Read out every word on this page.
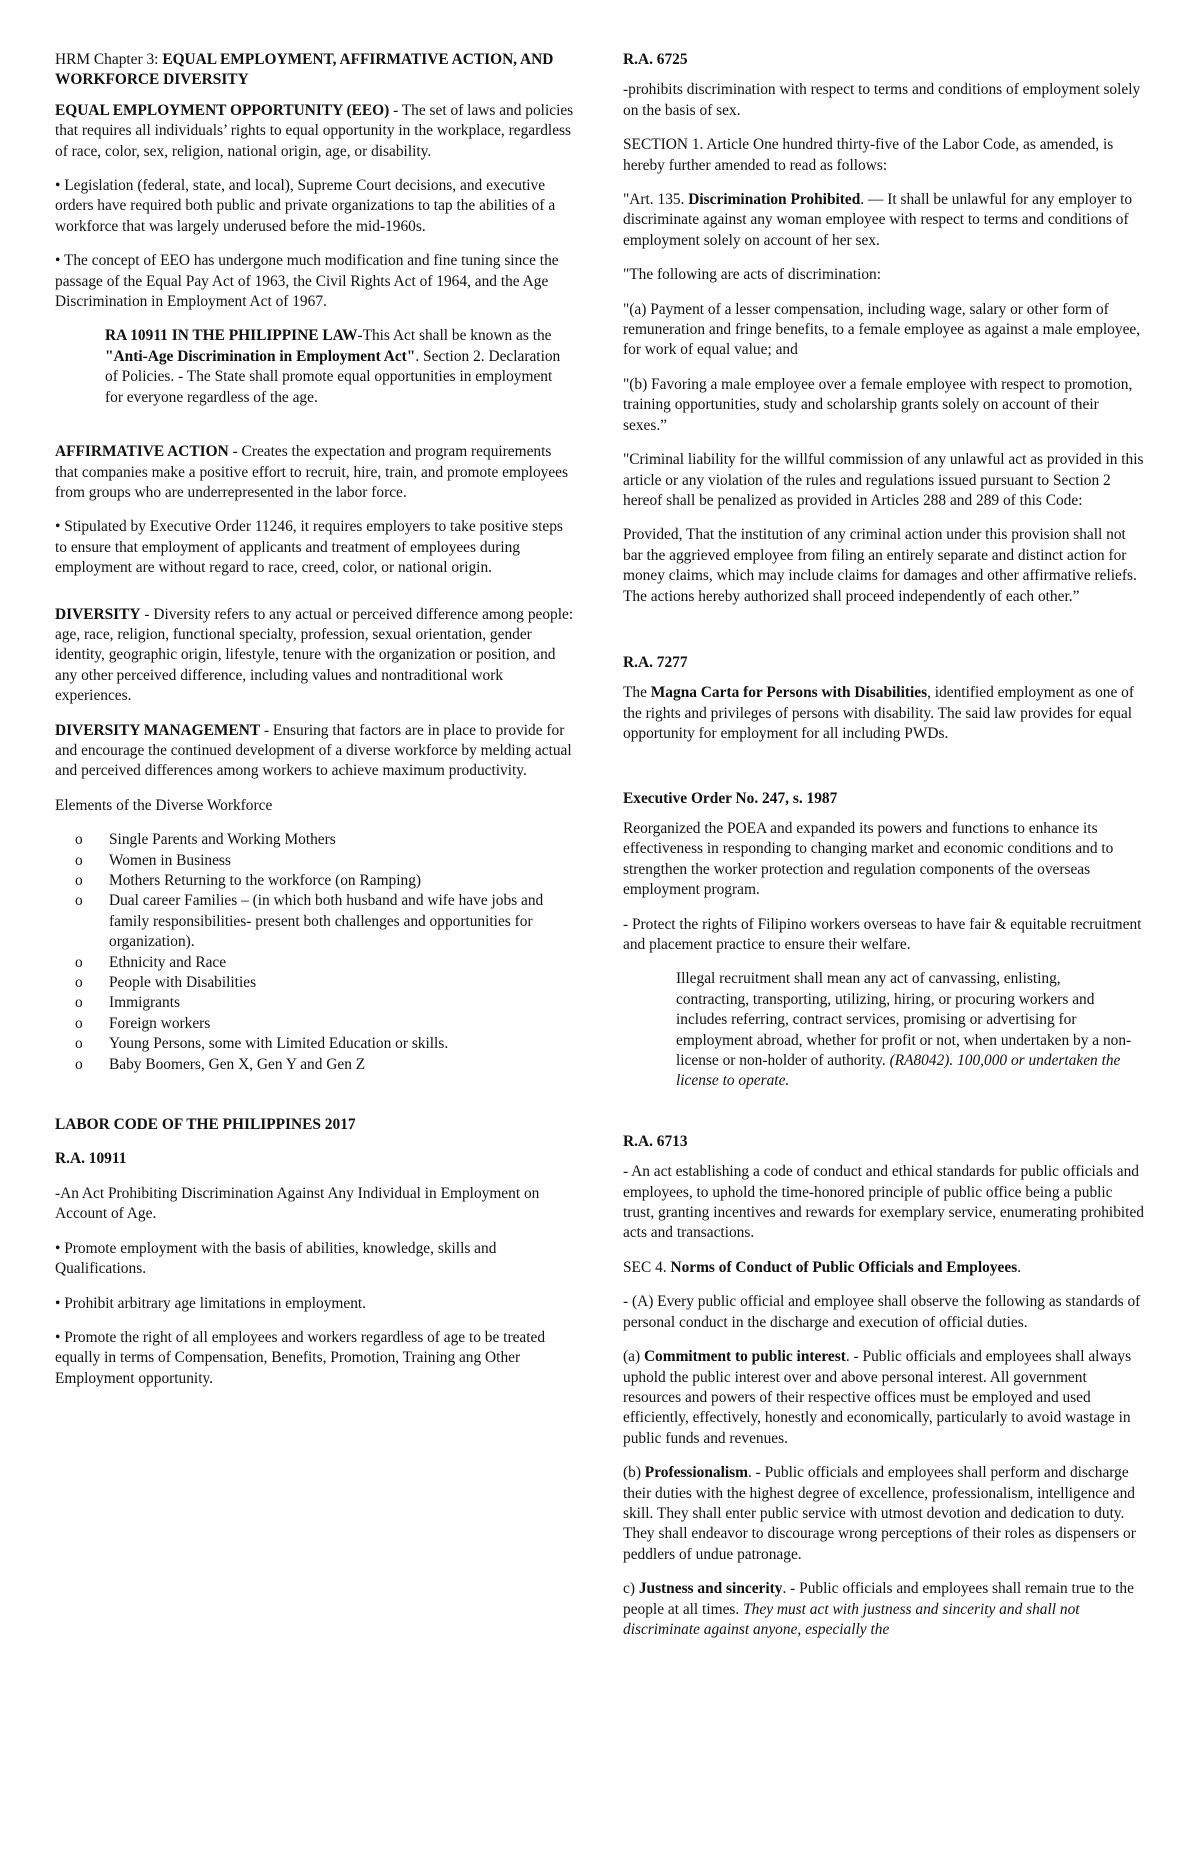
HRM Chapter 3: EQUAL EMPLOYMENT, AFFIRMATIVE ACTION, AND WORKFORCE DIVERSITY

EQUAL EMPLOYMENT OPPORTUNITY (EEO) - The set of laws and policies that requires all individuals’ rights to equal opportunity in the workplace, regardless of race, color, sex, religion, national origin, age, or disability.

• Legislation (federal, state, and local), Supreme Court decisions, and executive orders have required both public and private organizations to tap the abilities of a workforce that was largely underused before the mid-1960s.

• The concept of EEO has undergone much modification and fine tuning since the passage of the Equal Pay Act of 1963, the Civil Rights Act of 1964, and the Age Discrimination in Employment Act of 1967.

RA 10911 IN THE PHILIPPINE LAW-This Act shall be known as the "Anti-Age Discrimination in Employment Act". Section 2. Declaration of Policies. - The State shall promote equal opportunities in employment for everyone regardless of the age.

AFFIRMATIVE ACTION - Creates the expectation and program requirements that companies make a positive effort to recruit, hire, train, and promote employees from groups who are underrepresented in the labor force.

• Stipulated by Executive Order 11246, it requires employers to take positive steps to ensure that employment of applicants and treatment of employees during employment are without regard to race, creed, color, or national origin.

DIVERSITY - Diversity refers to any actual or perceived difference among people: age, race, religion, functional specialty, profession, sexual orientation, gender identity, geographic origin, lifestyle, tenure with the organization or position, and any other perceived difference, including values and nontraditional work experiences.

DIVERSITY MANAGEMENT - Ensuring that factors are in place to provide for and encourage the continued development of a diverse workforce by melding actual and perceived differences among workers to achieve maximum productivity.

Elements of the Diverse Workforce

o Single Parents and Working Mothers
o Women in Business
o Mothers Returning to the workforce (on Ramping)
o Dual career Families – (in which both husband and wife have jobs and family responsibilities- present both challenges and opportunities for organization).
o Ethnicity and Race
o People with Disabilities
o Immigrants
o Foreign workers
o Young Persons, some with Limited Education or skills.
o Baby Boomers, Gen X, Gen Y and Gen Z

LABOR CODE OF THE PHILIPPINES 2017

R.A. 10911

-An Act Prohibiting Discrimination Against Any Individual in Employment on Account of Age.

• Promote employment with the basis of abilities, knowledge, skills and Qualifications.

• Prohibit arbitrary age limitations in employment.

• Promote the right of all employees and workers regardless of age to be treated equally in terms of Compensation, Benefits, Promotion, Training ang Other Employment opportunity.

R.A. 6725

-prohibits discrimination with respect to terms and conditions of employment solely on the basis of sex.

SECTION 1. Article One hundred thirty-five of the Labor Code, as amended, is hereby further amended to read as follows:

"Art. 135. Discrimination Prohibited. — It shall be unlawful for any employer to discriminate against any woman employee with respect to terms and conditions of employment solely on account of her sex.

"The following are acts of discrimination:

"(a) Payment of a lesser compensation, including wage, salary or other form of remuneration and fringe benefits, to a female employee as against a male employee, for work of equal value; and

"(b) Favoring a male employee over a female employee with respect to promotion, training opportunities, study and scholarship grants solely on account of their sexes.”

"Criminal liability for the willful commission of any unlawful act as provided in this article or any violation of the rules and regulations issued pursuant to Section 2 hereof shall be penalized as provided in Articles 288 and 289 of this Code:

Provided, That the institution of any criminal action under this provision shall not bar the aggrieved employee from filing an entirely separate and distinct action for money claims, which may include claims for damages and other affirmative reliefs. The actions hereby authorized shall proceed independently of each other.”

R.A. 7277

The Magna Carta for Persons with Disabilities, identified employment as one of the rights and privileges of persons with disability. The said law provides for equal opportunity for employment for all including PWDs.

Executive Order No. 247, s. 1987

Reorganized the POEA and expanded its powers and functions to enhance its effectiveness in responding to changing market and economic conditions and to strengthen the worker protection and regulation components of the overseas employment program.

- Protect the rights of Filipino workers overseas to have fair & equitable recruitment and placement practice to ensure their welfare.

Illegal recruitment shall mean any act of canvassing, enlisting, contracting, transporting, utilizing, hiring, or procuring workers and includes referring, contract services, promising or advertising for employment abroad, whether for profit or not, when undertaken by a non-license or non-holder of authority. (RA8042). 100,000 or undertaken the license to operate.

R.A. 6713

- An act establishing a code of conduct and ethical standards for public officials and employees, to uphold the time-honored principle of public office being a public trust, granting incentives and rewards for exemplary service, enumerating prohibited acts and transactions.

SEC 4. Norms of Conduct of Public Officials and Employees.

- (A) Every public official and employee shall observe the following as standards of personal conduct in the discharge and execution of official duties.

(a) Commitment to public interest. - Public officials and employees shall always uphold the public interest over and above personal interest. All government resources and powers of their respective offices must be employed and used efficiently, effectively, honestly and economically, particularly to avoid wastage in public funds and revenues.

(b) Professionalism. - Public officials and employees shall perform and discharge their duties with the highest degree of excellence, professionalism, intelligence and skill. They shall enter public service with utmost devotion and dedication to duty. They shall endeavor to discourage wrong perceptions of their roles as dispensers or peddlers of undue patronage.

c) Justness and sincerity. - Public officials and employees shall remain true to the people at all times. They must act with justness and sincerity and shall not discriminate against anyone, especially the
